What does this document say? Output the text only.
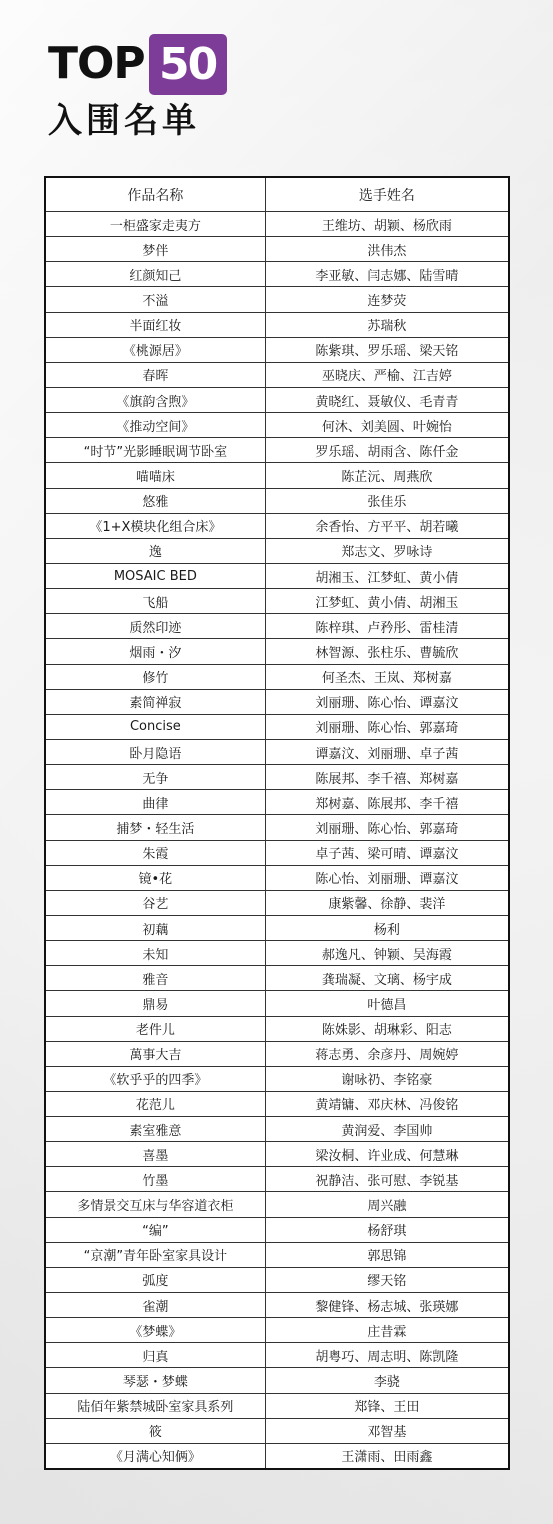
TOP 50
入围名单
作品名称	选手姓名
一柜盛家走夷方	王维坊、胡颖、杨欣雨
梦伴	洪伟杰
红颜知己	李亚敏、闫志娜、陆雪晴
不溢	连梦荧
半面红妆	苏瑞秋
《桃源居》	陈紫琪、罗乐瑶、梁天铭
春晖	巫晓庆、严榆、江吉婷
《旗韵含煦》	黄晓红、聂敏仪、毛青青
《推动空间》	何沐、刘美圆、叶婉怡
“时节”光影睡眠调节卧室	罗乐瑶、胡雨含、陈仟金
喵喵床	陈芷沅、周燕欣
悠雅	张佳乐
《1+X模块化组合床》	余香怡、方平平、胡若曦
逸	郑志文、罗咏诗
MOSAIC BED	胡湘玉、江梦虹、黄小倩
飞船	江梦虹、黄小倩、胡湘玉
质然印迹	陈梓琪、卢矜彤、雷桂清
烟雨・汐	林智源、张柱乐、曹毓欣
修竹	何圣杰、王岚、郑树嘉
素简禅寂	刘丽珊、陈心怡、谭嘉汶
Concise	刘丽珊、陈心怡、郭嘉琦
卧月隐语	谭嘉汶、刘丽珊、卓子茜
无争	陈展邦、李千禧、郑树嘉
曲律	郑树嘉、陈展邦、李千禧
捕梦・轻生活	刘丽珊、陈心怡、郭嘉琦
朱霞	卓子茜、梁可晴、谭嘉汶
镜•花	陈心怡、刘丽珊、谭嘉汶
谷艺	康紫馨、徐静、裴洋
初藕	杨利
未知	郝逸凡、钟颖、吴海霞
雅音	龚瑞凝、文璃、杨宇成
鼎易	叶德昌
老件儿	陈姝影、胡琳彩、阳志
萬事大吉	蒋志勇、余彦丹、周婉婷
《软乎乎的四季》	谢咏礽、李铭豪
花范儿	黄靖镛、邓庆林、冯俊铭
素室雅意	黄润爱、李国帅
喜墨	梁汝桐、许业成、何慧琳
竹墨	祝静洁、张可慰、李锐基
多情景交互床与华容道衣柜	周兴融
“编”	杨舒琪
“京潮”青年卧室家具设计	郭思锦
弧度	缪天铭
雀潮	黎健锋、杨志城、张瑛娜
《梦蝶》	庄昔霖
归真	胡粤巧、周志明、陈凯隆
琴瑟・梦蝶	李骁
陆佰年紫禁城卧室家具系列	郑锋、王田
筱	邓智基
《月满心知俩》	王潇雨、田雨鑫
